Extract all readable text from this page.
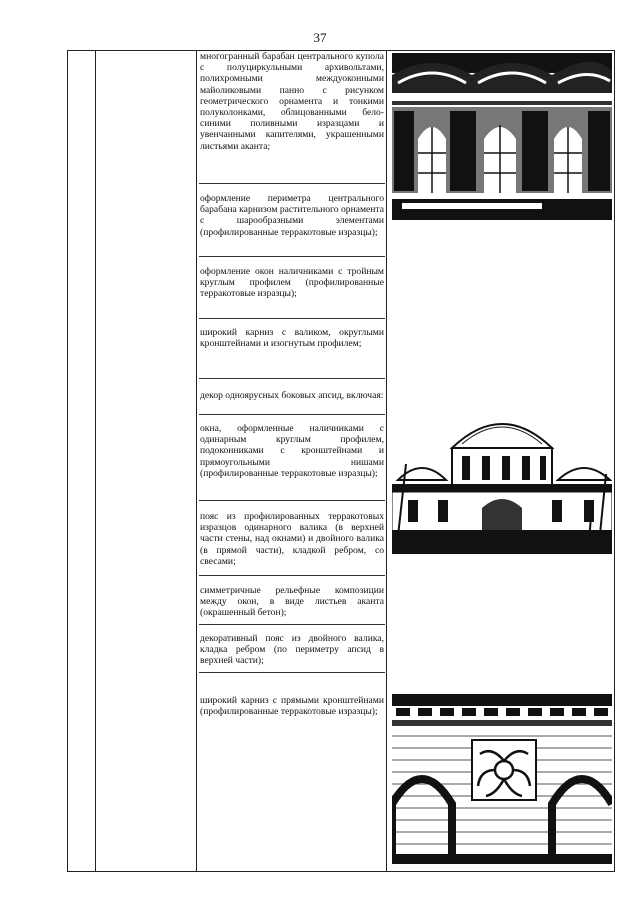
37
многогранный барабан центрального купола с полуциркульными архивольтами, полихромными междуоконными майоликовыми панно с рисунком геометрического орнамента и тонкими полуколонками, облицованными бело-синими поливными изразцами и увенчанными капителями, украшенными листьями аканта;
оформление периметра центрального барабана карнизом растительного орнамента с шарообразными элементами (профилированные терракотовые изразцы);
оформление окон наличниками с тройным круглым профилем (профилированные терракотовые изразцы);
широкий карниз с валиком, округлыми кронштейнами и изогнутым профилем;
декор одноярусных боковых апсид, включая:
окна, оформленные наличниками с одинарным круглым профилем, подоконниками с кронштейнами и прямоугольными нишами (профилированные терракотовые изразцы);
пояс из профилированных терракотовых изразцов одинарного валика (в верхней части стены, над окнами) и двойного валика (в прямой части), кладкой ребром, со свесами;
симметричные рельефные композиции между окон, в виде листьев аканта (окрашенный бетон);
декоративный пояс из двойного валика, кладка ребром (по периметру апсид в верхней части);
широкий карниз с прямыми кронштейнами (профилированные терракотовые изразцы);
